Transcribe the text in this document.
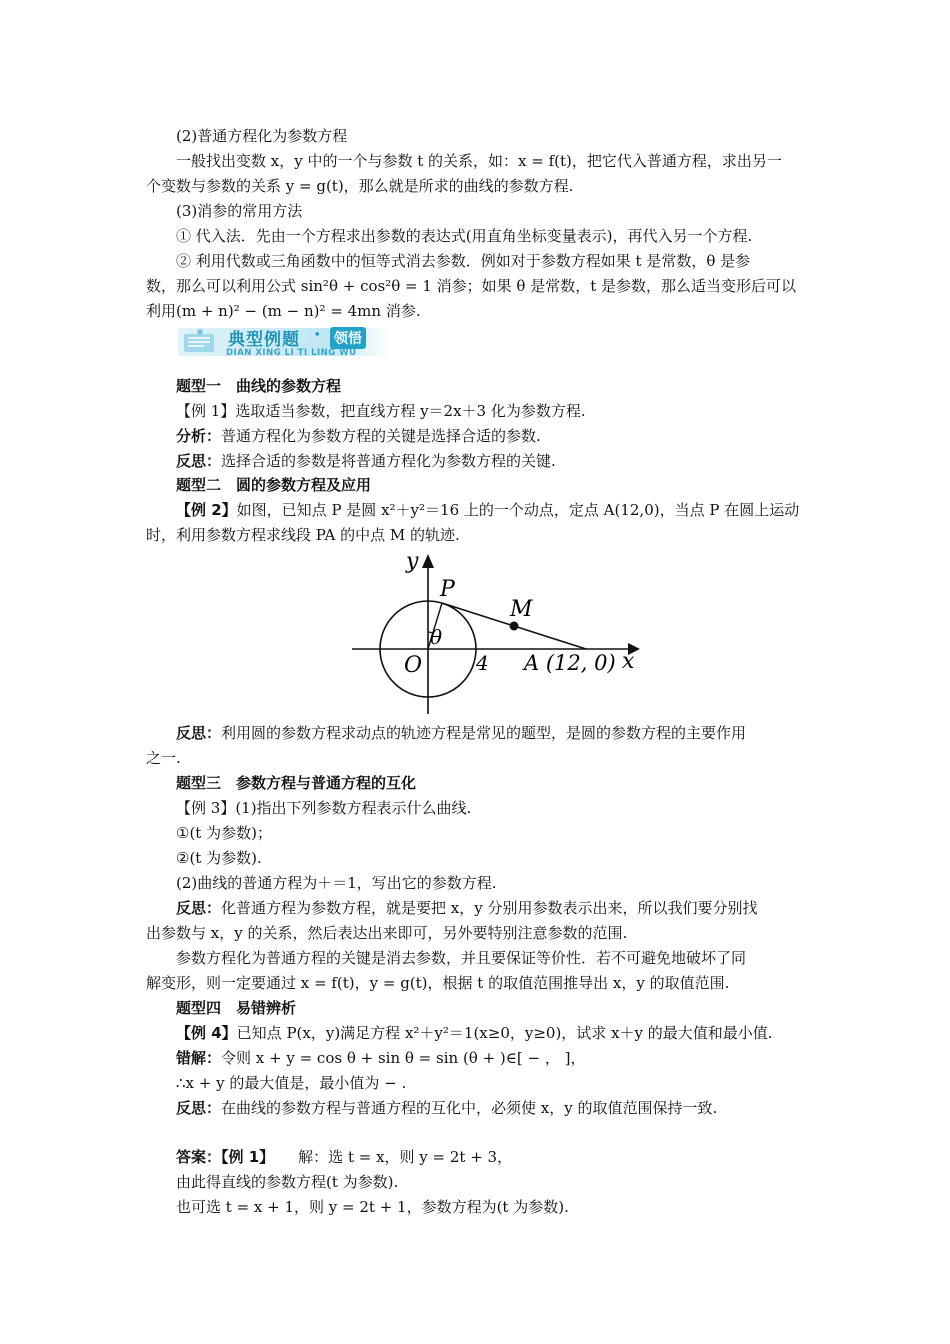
(2)普通方程化为参数方程
一般找出变数 x，y 中的一个与参数 t 的关系，如：x = f(t)，把它代入普通方程，求出另一
个变数与参数的关系 y = g(t)，那么就是所求的曲线的参数方程.
(3)消参的常用方法
① 代入法．先由一个方程求出参数的表达式(用直角坐标变量表示)，再代入另一个方程.
② 利用代数或三角函数中的恒等式消去参数．例如对于参数方程如果 t 是常数，θ 是参
数，那么可以利用公式 sin²θ + cos²θ = 1 消参；如果 θ 是常数，t 是参数，那么适当变形后可以
利用(m + n)² − (m − n)² = 4mn 消参.
典型例题 · 领悟
DIAN XING LI TI LING WU
题型一　曲线的参数方程
【例 1】选取适当参数，把直线方程 y＝2x＋3 化为参数方程.
分析：普通方程化为参数方程的关键是选择合适的参数.
反思：选择合适的参数是将普通方程化为参数方程的关键.
题型二　圆的参数方程及应用
【例 2】如图，已知点 P 是圆 x²＋y²＝16 上的一个动点，定点 A(12,0)，当点 P 在圆上运动
时，利用参数方程求线段 PA 的中点 M 的轨迹.
y
x
O
P
M
θ
4 A (12, 0)
反思：利用圆的参数方程求动点的轨迹方程是常见的题型，是圆的参数方程的主要作用
之一.
题型三　参数方程与普通方程的互化
【例 3】(1)指出下列参数方程表示什么曲线.
①(t 为参数)；
②(t 为参数).
(2)曲线的普通方程为＋＝1，写出它的参数方程.
反思：化普通方程为参数方程，就是要把 x，y 分别用参数表示出来，所以我们要分别找
出参数与 x，y 的关系，然后表达出来即可，另外要特别注意参数的范围.
参数方程化为普通方程的关键是消去参数，并且要保证等价性．若不可避免地破坏了同
解变形，则一定要通过 x = f(t)，y = g(t)，根据 t 的取值范围推导出 x，y 的取值范围.
题型四　易错辨析
【例 4】已知点 P(x，y)满足方程 x²＋y²＝1(x≥0，y≥0)，试求 x＋y 的最大值和最小值.
错解：令则 x + y = cos θ + sin θ = sin (θ + )∈[ − ， ]，
∴x + y 的最大值是，最小值为 − .
反思：在曲线的参数方程与普通方程的互化中，必须使 x，y 的取值范围保持一致.
答案：【例 1】 解：选 t = x，则 y = 2t + 3，
由此得直线的参数方程(t 为参数).
也可选 t = x + 1，则 y = 2t + 1，参数方程为(t 为参数).
